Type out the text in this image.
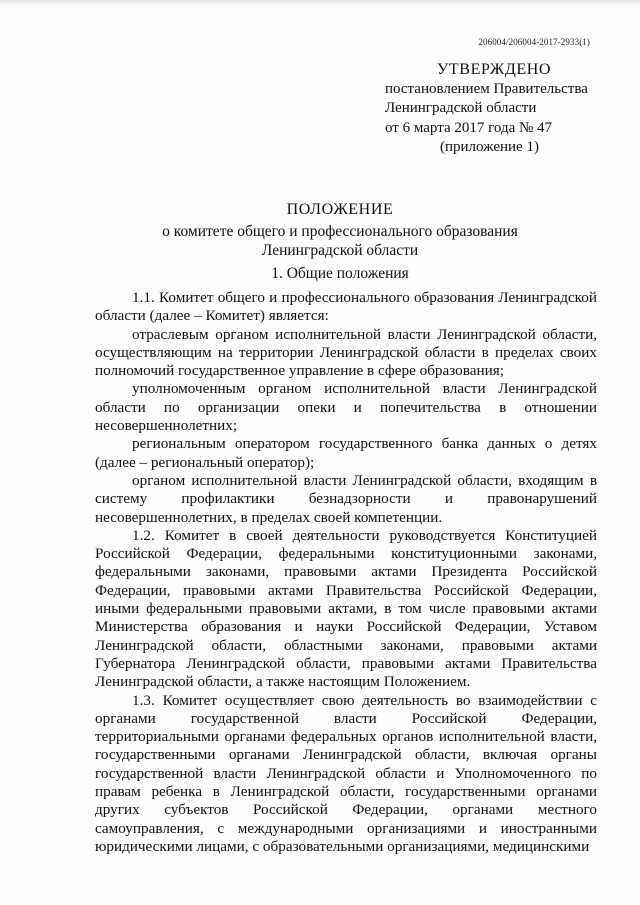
206004/206004-2017-2933(1)
УТВЕРЖДЕНО
постановлением Правительства
Ленинградской области
от 6 марта 2017 года № 47
(приложение 1)
ПОЛОЖЕНИЕ
о комитете общего и профессионального образования
Ленинградской области
1. Общие положения

1.1. Комитет общего и профессионального образования Ленинградской области (далее – Комитет) является:

отраслевым органом исполнительной власти Ленинградской области, осуществляющим на территории Ленинградской области в пределах своих полномочий государственное управление в сфере образования;

уполномоченным органом исполнительной власти Ленинградской области по организации опеки и попечительства в отношении несовершеннолетних;

региональным оператором государственного банка данных о детях (далее – региональный оператор);

органом исполнительной власти Ленинградской области, входящим в систему профилактики безнадзорности и правонарушений несовершеннолетних, в пределах своей компетенции.

1.2. Комитет в своей деятельности руководствуется Конституцией Российской Федерации, федеральными конституционными законами, федеральными законами, правовыми актами Президента Российской Федерации, правовыми актами Правительства Российской Федерации, иными федеральными правовыми актами, в том числе правовыми актами Министерства образования и науки Российской Федерации, Уставом Ленинградской области, областными законами, правовыми актами Губернатора Ленинградской области, правовыми актами Правительства Ленинградской области, а также настоящим Положением.

1.3. Комитет осуществляет свою деятельность во взаимодействии с органами государственной власти Российской Федерации, территориальными органами федеральных органов исполнительной власти, государственными органами Ленинградской области, включая органы государственной власти Ленинградской области и Уполномоченного по правам ребенка в Ленинградской области, государственными органами других субъектов Российской Федерации, органами местного самоуправления, с международными организациями и иностранными юридическими лицами, с образовательными организациями, медицинскими
